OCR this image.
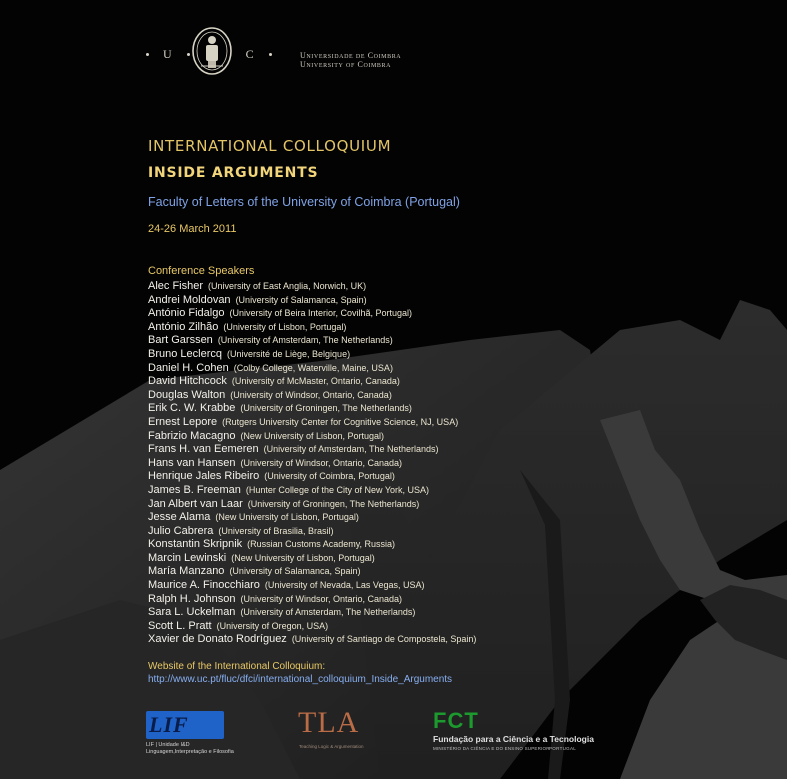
U	C	Universidade de Coimbra
University of Coimbra
INTERNATIONAL COLLOQUIUM
INSIDE ARGUMENTS
Faculty of Letters of the University of Coimbra (Portugal)
24-26 March 2011
Conference Speakers
Alec Fisher (University of East Anglia, Norwich, UK)
Andrei Moldovan (University of Salamanca, Spain)
António Fidalgo (University of Beira Interior, Covilhã, Portugal)
António Zilhão (University of Lisbon, Portugal)
Bart Garssen (University of Amsterdam, The Netherlands)
Bruno Leclercq (Université de Liège, Belgique)
Daniel H. Cohen (Colby College, Waterville, Maine, USA)
David Hitchcock (University of McMaster, Ontario, Canada)
Douglas Walton (University of Windsor, Ontario, Canada)
Erik C. W. Krabbe (University of Groningen, The Netherlands)
Ernest Lepore (Rutgers University Center for Cognitive Science, NJ, USA)
Fabrizio Macagno (New University of Lisbon, Portugal)
Frans H. van Eemeren (University of Amsterdam, The Netherlands)
Hans van Hansen (University of Windsor, Ontario, Canada)
Henrique Jales Ribeiro (University of Coimbra, Portugal)
James B. Freeman (Hunter College of the City of New York, USA)
Jan Albert van Laar (University of Groningen, The Netherlands)
Jesse Alama (New University of Lisbon, Portugal)
Julio Cabrera (University of Brasilia, Brasil)
Konstantin Skripnik (Russian Customs Academy, Russia)
Marcin Lewinski (New University of Lisbon, Portugal)
María Manzano (University of Salamanca, Spain)
Maurice A. Finocchiaro (University of Nevada, Las Vegas, USA)
Ralph H. Johnson (University of Windsor, Ontario, Canada)
Sara L. Uckelman (University of Amsterdam, The Netherlands)
Scott L. Pratt (University of Oregon, USA)
Xavier de Donato Rodríguez (University of Santiago de Compostela, Spain)
Website of the International Colloquium:
http://www.uc.pt/fluc/dfci/international_colloquium_Inside_Arguments
LIF
LIF | Unidade I&D
Linguagem,Interpretação e Filosofia
TLA
Teaching Logic & Argumentation
FCT
Fundação para a Ciência e a Tecnologia
MINISTÉRIO DA CIÊNCIA E DO ENSINO SUPERIOR PORTUGAL
